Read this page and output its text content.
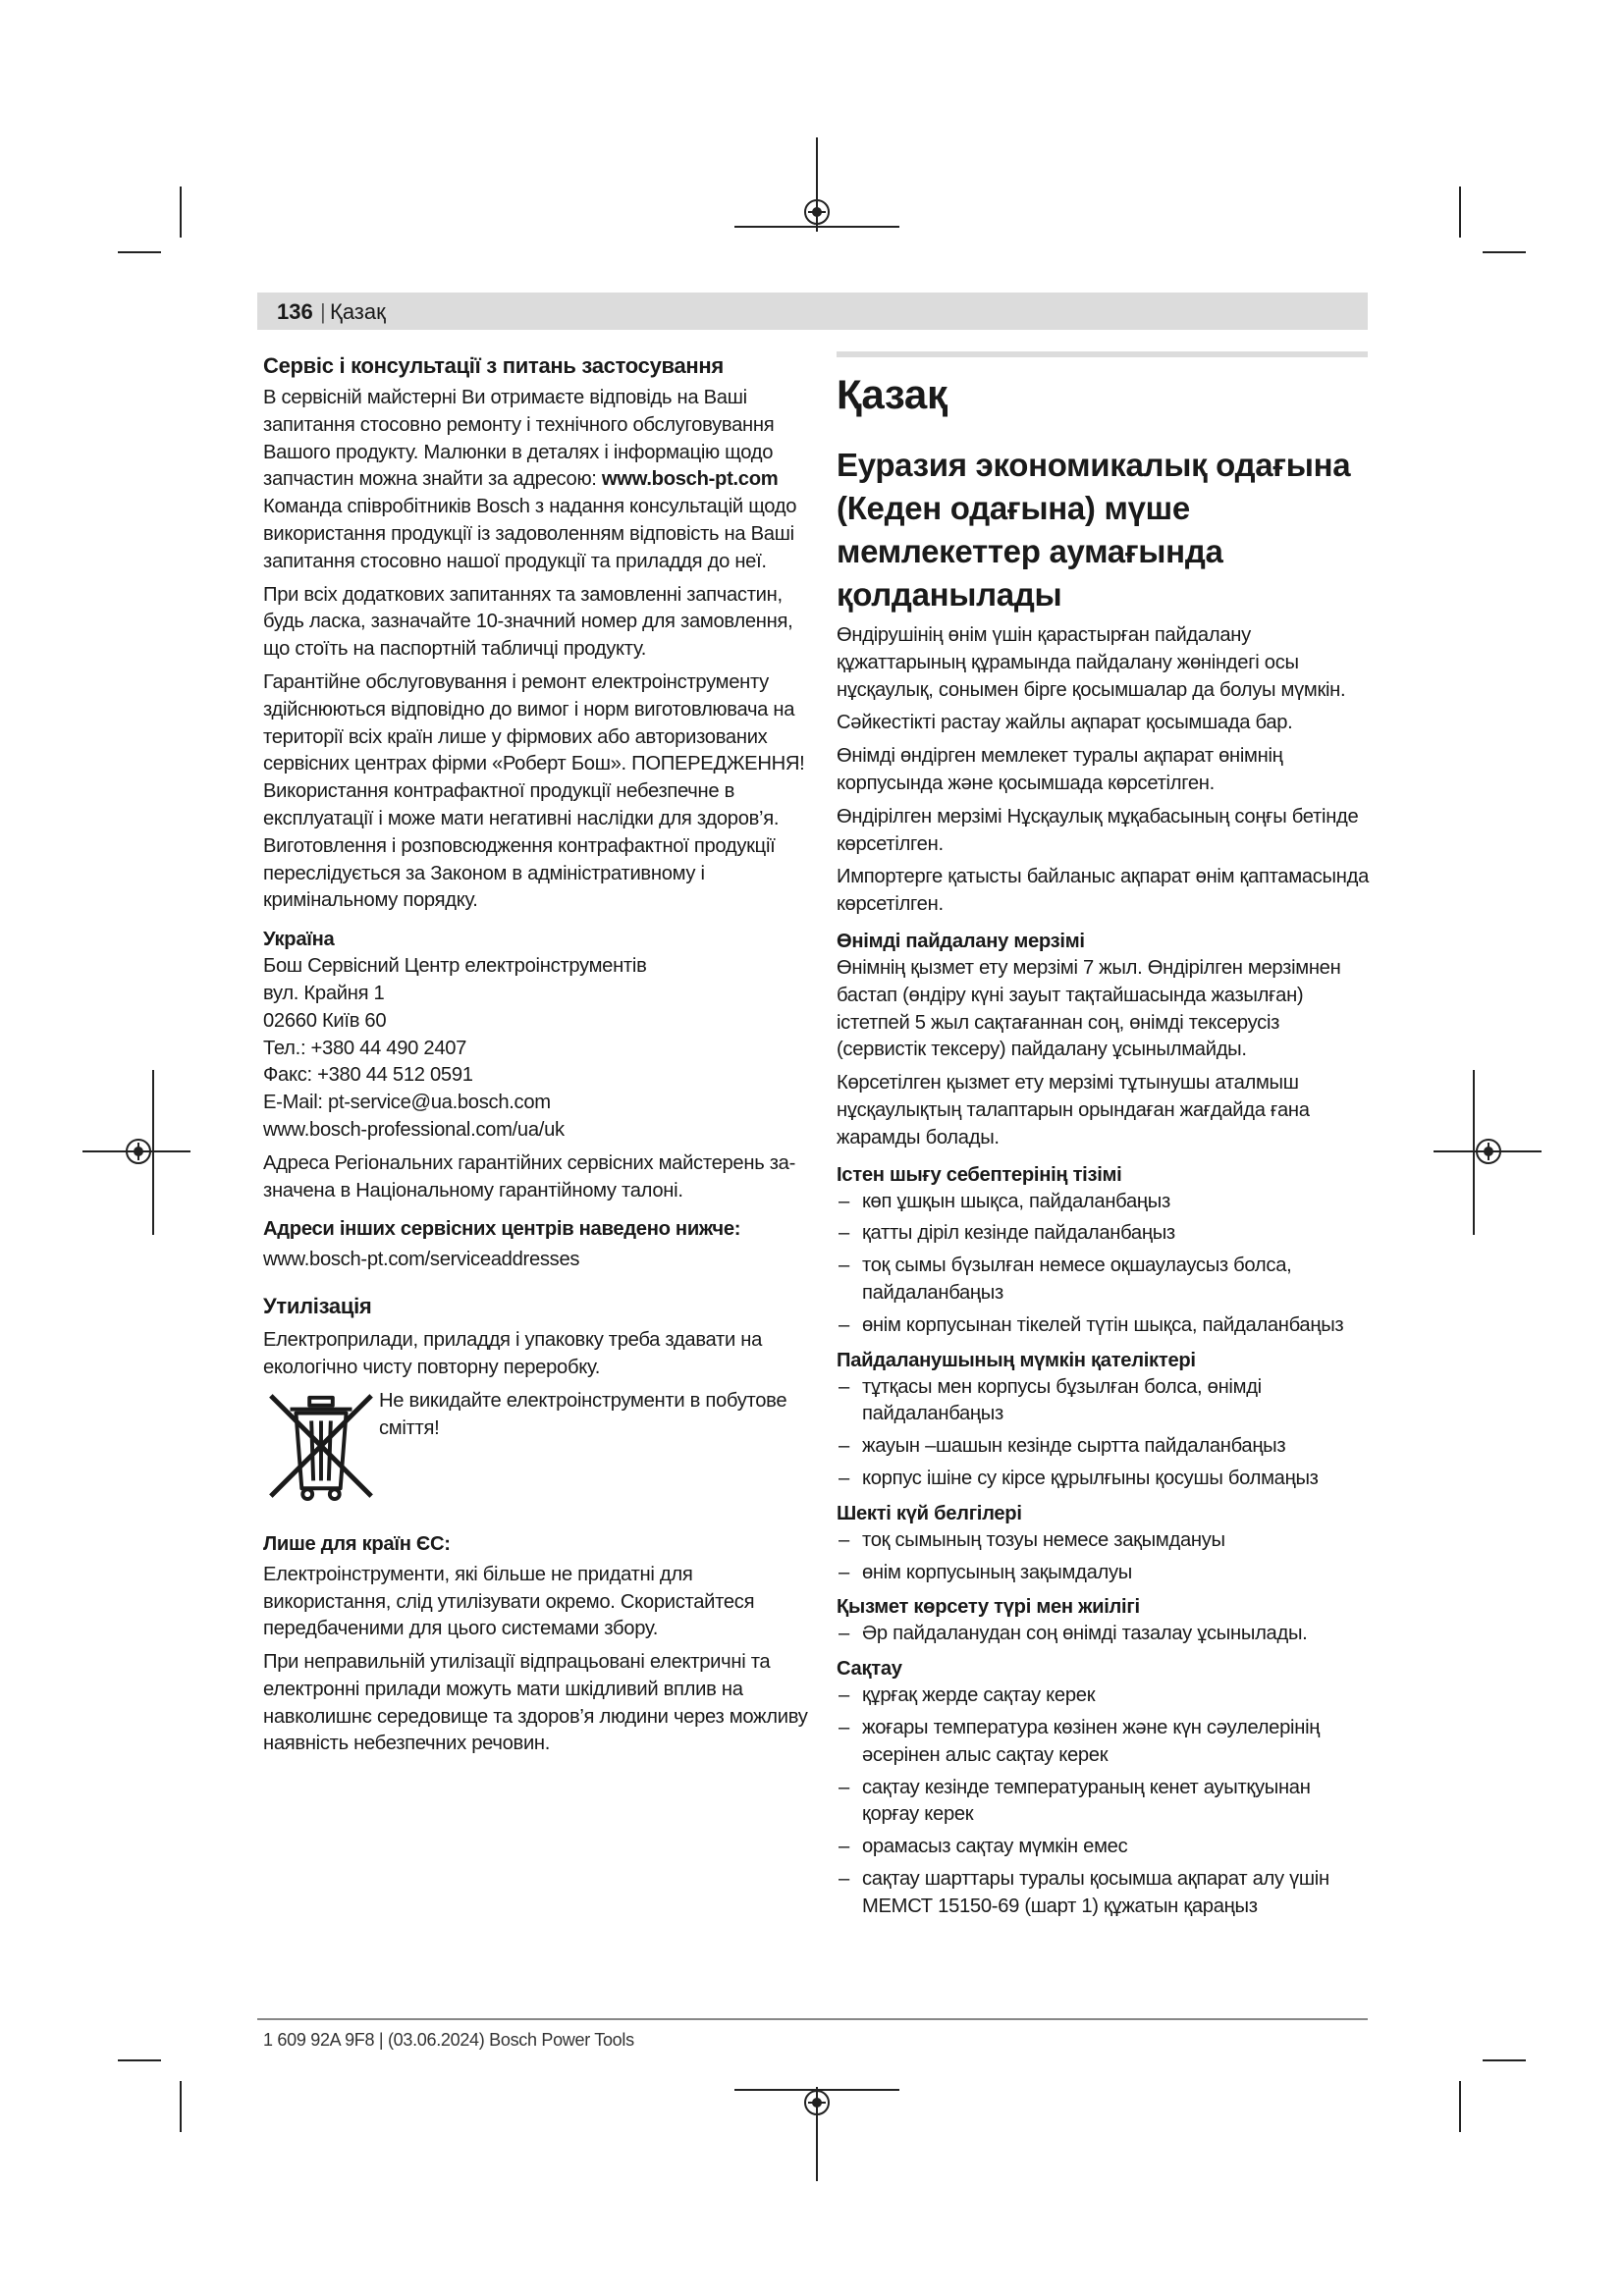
136 | Қазақ
Сервіс і консультації з питань застосування

В сервісній майстерні Ви отримаєте відповідь на Ваші запитання стосовно ремонту і технічного обслуговування Вашого продукту. Малюнки в деталях і інформацію щодо запчастин можна знайти за адресою: www.bosch-pt.com

Команда співробітників Bosch з надання консультацій щодо використання продукції із задоволенням відповість на Ваші запитання стосовно нашої продукції та приладдя до неї.

При всіх додаткових запитаннях та замовленні запчастин, будь ласка, зазначайте 10‑значний номер для замовлення, що стоїть на паспортній табличці продукту.

Гарантійне обслуговування і ремонт електроінструменту здійснюються відповідно до вимог і норм виготовлювача на території всіх країн лише у фірмових або авторизованих сервісних центрах фірми «Роберт Бош». ПОПЕРЕДЖЕННЯ! Використання контрафактної продукції небезпечне в експлуатації і може мати негативні наслідки для здоров’я. Виготовлення і розповсюдження контрафактної продукції переслідується за Законом в адміністративному і кримінальному порядку.

Україна
Бош Сервісний Центр електроінструментів
вул. Крайня 1
02660 Київ 60
Тел.: +380 44 490 2407
Факс: +380 44 512 0591
E-Mail: pt-service@ua.bosch.com
www.bosch-professional.com/ua/uk

Адреса Регіональних гарантійних сервісних майстерень за- значена в Національному гарантійному талоні.

Адреси інших сервісних центрів наведено нижче:

www.bosch-pt.com/serviceaddresses

Утилізація

Електроприлади, приладдя і упаковку треба здавати на екологічно чисту повторну переробку.

Не викидайте електроінструменти в побутове сміття!
Лише для країн ЄС:

Електроінструменти, які більше не придатні для використання, слід утилізувати окремо. Скористайтеся передбаченими для цього системами збору.

При неправильній утилізації відпрацьовані електричні та електронні прилади можуть мати шкідливий вплив на навколишнє середовище та здоров’я людини через можливу наявність небезпечних речовин.

Қазақ
Еуразия экономикалық одағына (Кеден одағына) мүше мемлекеттер аумағында қолданылады

Өндірушінің өнім үшін қарастырған пайдалану құжаттарының құрамында пайдалану жөніндегі осы нұсқаулық, сонымен бірге қосымшалар да болуы мүмкін.

Сәйкестікті растау жайлы ақпарат қосымшада бар.

Өнімді өндірген мемлекет туралы ақпарат өнімнің корпусында және қосымшада көрсетілген.

Өндірілген мерзімі Нұсқаулық мұқабасының соңғы бетінде көрсетілген.

Импортерге қатысты байланыс ақпарат өнім қаптамасында көрсетілген.

Өнімді пайдалану мерзімі

Өнімнің қызмет ету мерзімі 7 жыл. Өндірілген мерзімнен бастап (өндіру күні зауыт тақтайшасында жазылған) істетпей 5 жыл сақтағаннан соң, өнімді тексерусіз (сервистік тексеру) пайдалану ұсынылмайды.

Көрсетілген қызмет ету мерзімі тұтынушы аталмыш нұсқаулықтың талаптарын орындаған жағдайда ғана жарамды болады.

Істен шығу себептерінің тізімі
– көп ұшқын шықса, пайдаланбаңыз
– қатты діріл кезінде пайдаланбаңыз
– тоқ сымы бүзылған немесе оқшаулаусыз болса, пайдаланбаңыз
– өнім корпусынан тікелей түтін шықса, пайдаланбаңыз
Пайдаланушының мүмкін қателіктері
– тұтқасы мен корпусы бұзылған болса, өнімді пайдаланбаңыз
– жауын –шашын кезінде сыртта пайдаланбаңыз
– корпус ішіне су кірсе құрылғыны қосушы болмаңыз
Шекті күй белгілері
– тоқ сымының тозуы немесе зақымдануы
– өнім корпусының зақымдалуы
Қызмет көрсету түрі мен жиілігі
– Әр пайдаланудан соң өнімді тазалау ұсынылады.
Сақтау
– құрғақ жерде сақтау керек
– жоғары температура көзінен және күн сәулелерінің әсерінен алыс сақтау керек
– сақтау кезінде температураның кенет ауытқуынан қорғау керек
– орамасыз сақтау мүмкін емес
– сақтау шарттары туралы қосымша ақпарат алу үшін МЕМСТ 15150-69 (шарт 1) құжатын қараңыз
1 609 92A 9F8 | (03.06.2024) Bosch Power Tools
